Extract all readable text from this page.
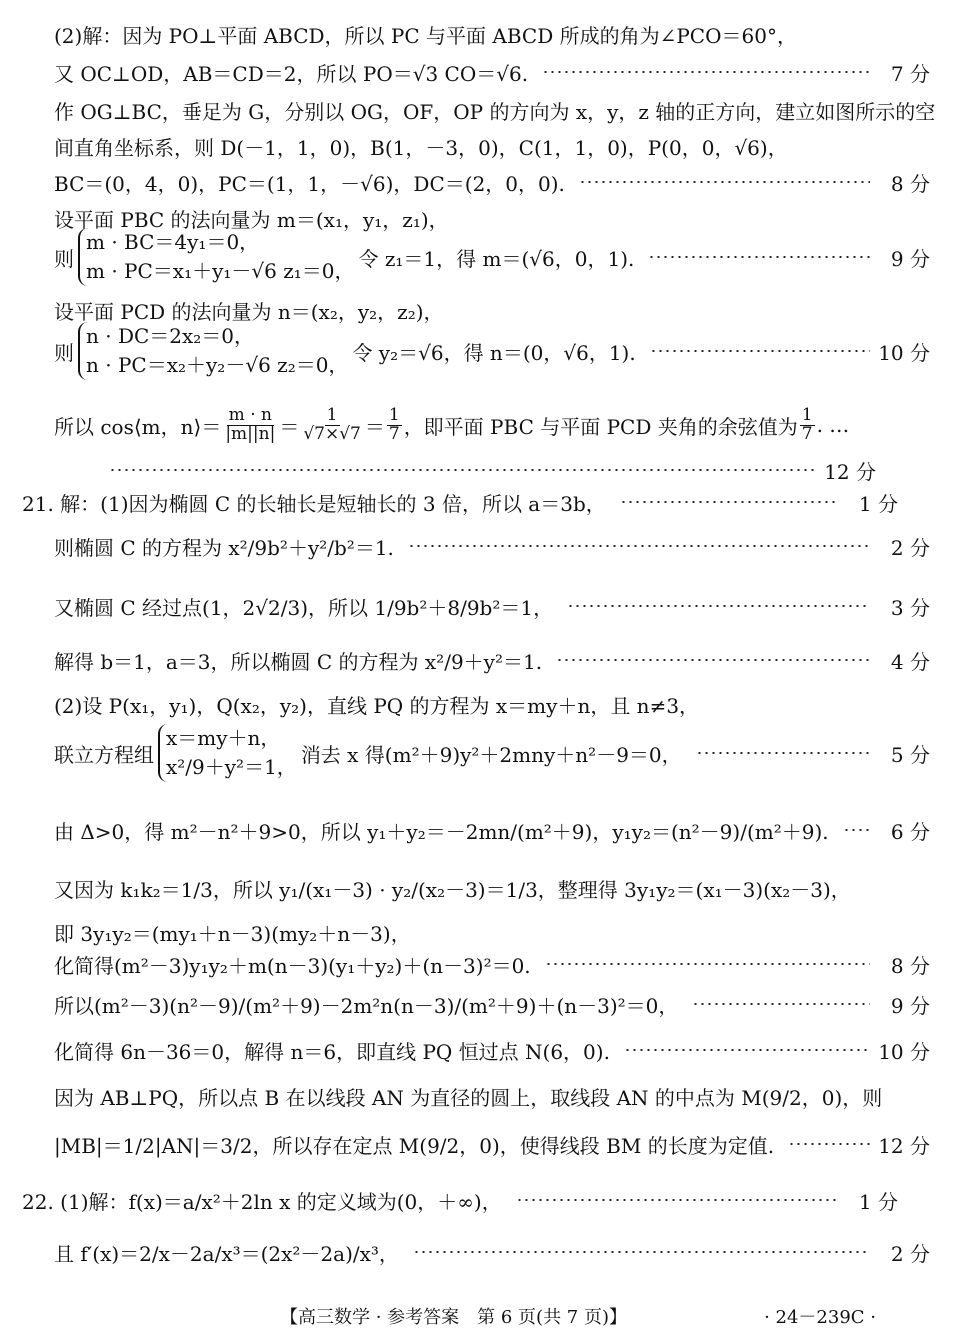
(2)解：因为 PO⊥平面 ABCD，所以 PC 与平面 ABCD 所成的角为∠PCO＝60°，
又 OC⊥OD，AB＝CD＝2，所以 PO＝√3 CO＝√6.	7 分
作 OG⊥BC，垂足为 G，分别以 OG，OF，OP 的方向为 x，y，z 轴的正方向，建立如图所示的空
间直角坐标系，则 D(－1，1，0)，B(1，－3，0)，C(1，1，0)，P(0，0，√6)，
BC＝(0，4，0)，PC＝(1，1，－√6)，DC＝(2，0，0).	8 分
设平面 PBC 的法向量为 m＝(x₁，y₁，z₁)，
则
m · BC＝4y₁＝0，
m · PC＝x₁＋y₁－√6 z₁＝0，
令 z₁＝1，得 m＝(√6，0，1).	9 分
设平面 PCD 的法向量为 n＝(x₂，y₂，z₂)，
则
n · DC＝2x₂＝0，
n · PC＝x₂＋y₂－√6 z₂＝0，
令 y₂＝√6，得 n＝(0，√6，1).	10 分
所以 cos⟨m，n⟩＝ $\frac{m \cdot n}{|m||n|} = \frac{1}{√7\times√7} = \frac{1}{7}$ ，即平面 PBC 与平面 PCD 夹角的余弦值为 $\frac{1}{7}$ . …
12 分
21. 解：(1)因为椭圆 C 的长轴长是短轴长的 3 倍，所以 a＝3b，	1 分
则椭圆 C 的方程为 x²/9b²＋y²/b²＝1.	2 分
又椭圆 C 经过点(1，2√2/3)，所以 1/9b²＋8/9b²＝1，	3 分
解得 b＝1，a＝3，所以椭圆 C 的方程为 x²/9＋y²＝1.	4 分
(2)设 P(x₁，y₁)，Q(x₂，y₂)，直线 PQ 的方程为 x＝my＋n，且 n≠3，
联立方程组
x＝my＋n，
x²/9＋y²＝1，
消去 x 得(m²＋9)y²＋2mny＋n²－9＝0，	5 分
由 Δ>0，得 m²－n²＋9>0，所以 y₁＋y₂＝－2mn/(m²＋9)，y₁y₂＝(n²－9)/(m²＋9).	6 分
又因为 k₁k₂＝1/3，所以 y₁/(x₁－3) · y₂/(x₂－3)＝1/3，整理得 3y₁y₂＝(x₁－3)(x₂－3)，
即 3y₁y₂＝(my₁＋n－3)(my₂＋n－3)，
化简得(m²－3)y₁y₂＋m(n－3)(y₁＋y₂)＋(n－3)²＝0.	8 分
所以(m²－3)(n²－9)/(m²＋9)－2m²n(n－3)/(m²＋9)＋(n－3)²＝0，	9 分
化简得 6n－36＝0，解得 n＝6，即直线 PQ 恒过点 N(6，0).	10 分
因为 AB⊥PQ，所以点 B 在以线段 AN 为直径的圆上，取线段 AN 的中点为 M(9/2，0)，则
|MB|＝1/2|AN|＝3/2，所以存在定点 M(9/2，0)，使得线段 BM 的长度为定值.	12 分
22. (1)解：f(x)＝a/x²＋2ln x 的定义域为(0，＋∞)，	1 分
且 f′(x)＝2/x－2a/x³＝(2x²－2a)/x³，	2 分
【高三数学 · 参考答案　第 6 页(共 7 页)】	· 24－239C ·
